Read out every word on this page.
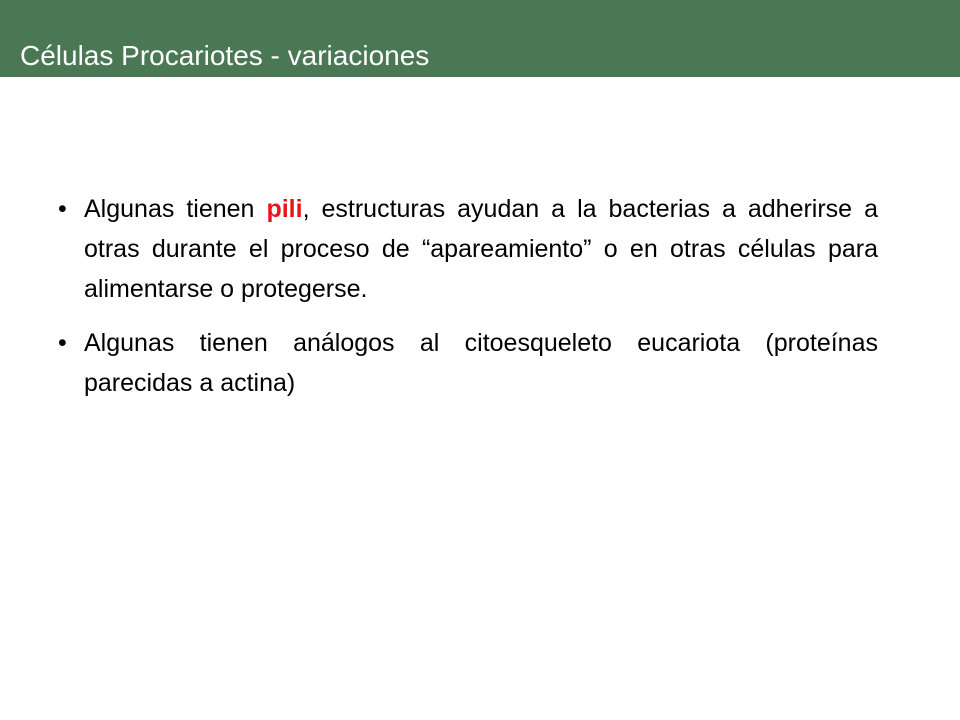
Células Procariotes - variaciones
• Algunas tienen pili, estructuras ayudan a la bacterias a adherirse a otras durante el proceso de “apareamiento” o en otras células para alimentarse o protegerse.
• Algunas tienen análogos al citoesqueleto eucariota (proteínas parecidas a actina)
